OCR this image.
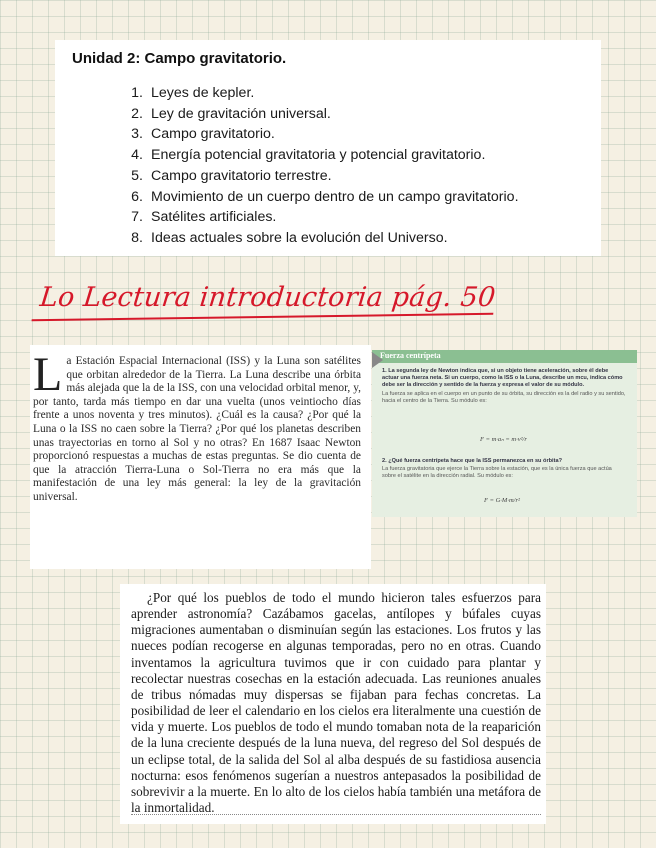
Unidad 2: Campo gravitatorio.
1. Leyes de kepler.
2. Ley de gravitación universal.
3. Campo gravitatorio.
4. Energía potencial gravitatoria y potencial gravitatorio.
5. Campo gravitatorio terrestre.
6. Movimiento de un cuerpo dentro de un campo gravitatorio.
7. Satélites artificiales.
8. Ideas actuales sobre la evolución del Universo.
Lo Lectura introductoria pág. 50
La Estación Espacial Internacional (ISS) y la Luna son satélites que orbitan alrededor de la Tierra. La Luna describe una órbita más alejada que la de la ISS, con una velocidad orbital menor, y, por tanto, tarda más tiempo en dar una vuelta (unos veintiocho días frente a unos noventa y tres minutos). ¿Cuál es la causa? ¿Por qué la Luna o la ISS no caen sobre la Tierra? ¿Por qué los planetas describen unas trayectorias en torno al Sol y no otras? En 1687 Isaac Newton proporcionó respuestas a muchas de estas preguntas. Se dio cuenta de que la atracción Tierra-Luna o Sol-Tierra no era más que la manifestación de una ley más general: la ley de la gravitación universal.
Fuerza centrípeta
1. La segunda ley de Newton indica que, si un objeto tiene aceleración, sobre él debe actuar una fuerza neta. Si un cuerpo, como la ISS o la Luna, describe un mcu, indica cómo debe ser la dirección y sentido de la fuerza y expresa el valor de su módulo.
La fuerza se aplica en el cuerpo en un punto de su órbita, su dirección es la del radio y su sentido, hacia el centro de la Tierra. Su módulo es:
F = m·aₙ = m·v²/r
2. ¿Qué fuerza centrípeta hace que la ISS permanezca en su órbita?
La fuerza gravitatoria que ejerce la Tierra sobre la estación, que es la única fuerza que actúa sobre el satélite en la dirección radial. Su módulo es:
F = G·M·m/r²
¿Por qué los pueblos de todo el mundo hicieron tales esfuerzos para aprender astronomía? Cazábamos gacelas, antílopes y búfales cuyas migraciones aumentaban o disminuían según las estaciones. Los frutos y las nueces podían recogerse en algunas temporadas, pero no en otras. Cuando inventamos la agricultura tuvimos que ir con cuidado para plantar y recolectar nuestras cosechas en la estación adecuada. Las reuniones anuales de tribus nómadas muy dispersas se fijaban para fechas concretas. La posibilidad de leer el calendario en los cielos era literalmente una cuestión de vida y muerte. Los pueblos de todo el mundo tomaban nota de la reaparición de la luna creciente después de la luna nueva, del regreso del Sol después de un eclipse total, de la salida del Sol al alba después de su fastidiosa ausencia nocturna: esos fenómenos sugerían a nuestros antepasados la posibilidad de sobrevivir a la muerte. En lo alto de los cielos había también una metáfora de la inmortalidad.
